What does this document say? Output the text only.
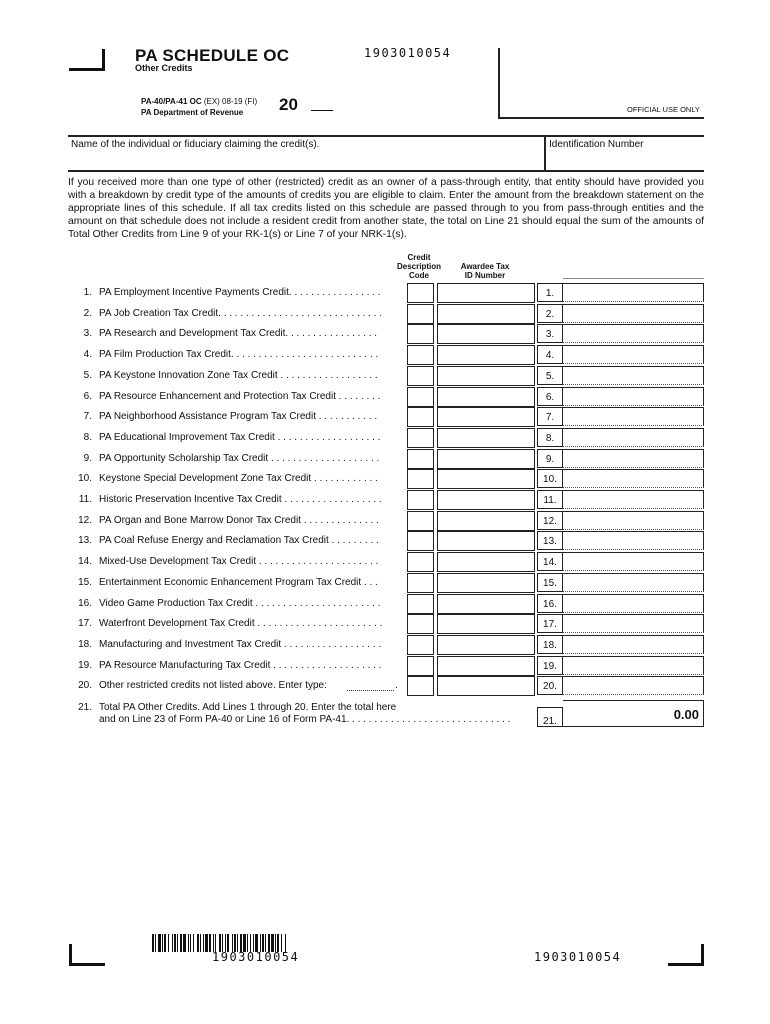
PA SCHEDULE OC
Other Credits
1903010054
PA-40/PA-41 OC (EX) 08-19 (FI)
PA Department of Revenue	20	OFFICIAL USE ONLY
Name of the individual or fiduciary claiming the credit(s).	Identification Number
If you received more than one type of other (restricted) credit as an owner of a pass-through entity, that entity should have provided you with a breakdown by credit type of the amounts of credits you are eligible to claim. Enter the amount from the breakdown statement on the appropriate lines of this schedule. If all tax credits listed on this schedule are passed through to you from pass-through entities and the amount on that schedule does not include a resident credit from another state, the total on Line 21 should equal the sum of the amounts of Total Other Credits from Line 9 of your RK-1(s) or Line 7 of your NRK-1(s).
Credit
Description
Code
Awardee Tax
ID Number
1. PA Employment Incentive Payments Credit. . . . . . . . . . . . . . . . .	1.
2. PA Job Creation Tax Credit. . . . . . . . . . . . . . . . . . . . . . . . . . . . . .	2.
3. PA Research and Development Tax Credit. . . . . . . . . . . . . . . . .	3.
4. PA Film Production Tax Credit. . . . . . . . . . . . . . . . . . . . . . . . . . .	4.
5. PA Keystone Innovation Zone Tax Credit . . . . . . . . . . . . . . . . . .	5.
6. PA Resource Enhancement and Protection Tax Credit . . . . . . . .	6.
7. PA Neighborhood Assistance Program Tax Credit . . . . . . . . . . .	7.
8. PA Educational Improvement Tax Credit . . . . . . . . . . . . . . . . . . .	8.
9. PA Opportunity Scholarship Tax Credit . . . . . . . . . . . . . . . . . . . .	9.
10. Keystone Special Development Zone Tax Credit . . . . . . . . . . . .	10.
11. Historic Preservation Incentive Tax Credit . . . . . . . . . . . . . . . . . .	11.
12. PA Organ and Bone Marrow Donor Tax Credit . . . . . . . . . . . . . .	12.
13. PA Coal Refuse Energy and Reclamation Tax Credit . . . . . . . . .	13.
14. Mixed-Use Development Tax Credit . . . . . . . . . . . . . . . . . . . . . .	14.
15. Entertainment Economic Enhancement Program Tax Credit . . .	15.
16. Video Game Production Tax Credit . . . . . . . . . . . . . . . . . . . . . . .	16.
17. Waterfront Development Tax Credit . . . . . . . . . . . . . . . . . . . . . . .	17.
18. Manufacturing and Investment Tax Credit . . . . . . . . . . . . . . . . . .	18.
19. PA Resource Manufacturing Tax Credit . . . . . . . . . . . . . . . . . . . .	19.
20. Other restricted credits not listed above. Enter type:	20.
.
21. Total PA Other Credits. Add Lines 1 through 20. Enter the total here
and on Line 23 of Form PA-40 or Line 16 of Form PA-41. . . . . . . . . . . . . . . . . . . . . . . . . . . . . .	21.	0.00
1903010054	1903010054
